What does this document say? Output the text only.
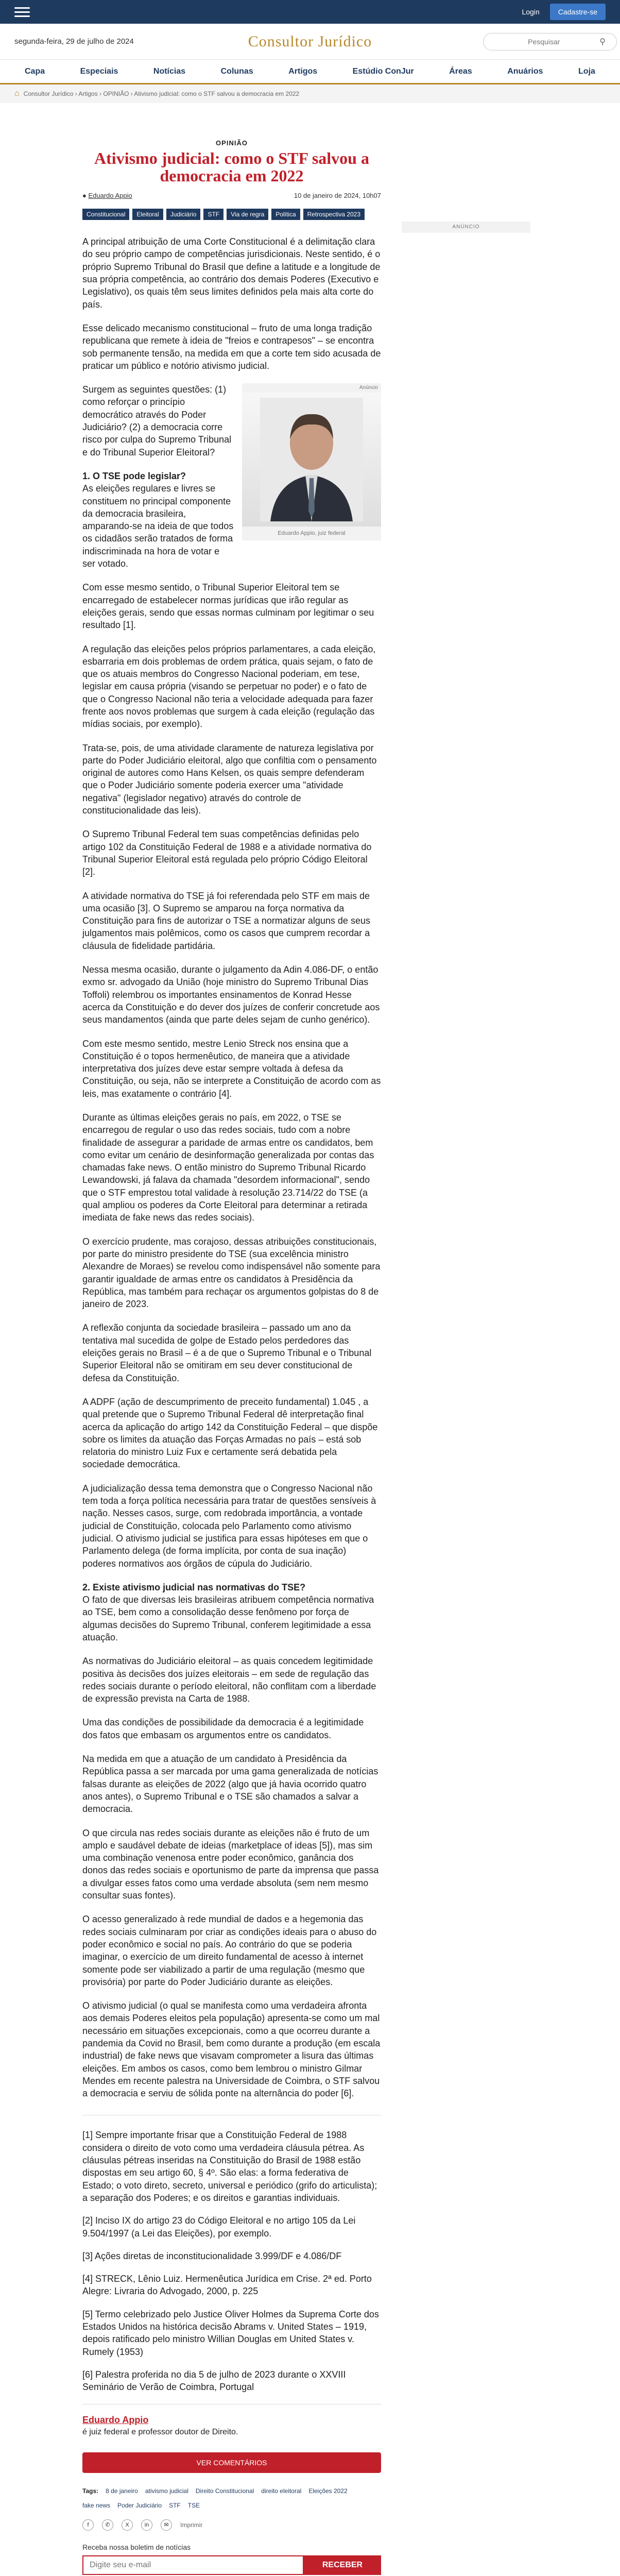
Login	Cadastre-se
segunda-feira, 29 de julho de 2024	Consultor Jurídico
Pesquisar	⚲
Capa	Especiais	Notícias	Colunas	Artigos	Estúdio ConJur	Áreas	Anuários	Loja
⌂ Consultor Jurídico › Artigos › OPINIÃO › Ativismo judicial: como o STF salvou a democracia em 2022
OPINIÃO
Ativismo judicial: como o STF salvou a democracia em 2022
● Eduardo Appio	10 de janeiro de 2024, 10h07
Constitucional	Eleitoral	Judiciário	STF	Via de regra	Política	Retrospectiva 2023

A principal atribuição de uma Corte Constitucional é a delimitação clara do seu próprio campo de competências jurisdicionais. Neste sentido, é o próprio Supremo Tribunal do Brasil que define a latitude e a longitude de sua própria competência, ao contrário dos demais Poderes (Executivo e Legislativo), os quais têm seus limites definidos pela mais alta corte do país.

Esse delicado mecanismo constitucional – fruto de uma longa tradição republicana que remete à ideia de "freios e contrapesos" – se encontra sob permanente tensão, na medida em que a corte tem sido acusada de praticar um público e notório ativismo judicial.

Anúncio
Eduardo Appio, juiz federal

Surgem as seguintes questões: (1) como reforçar o princípio democrático através do Poder Judiciário? (2) a democracia corre risco por culpa do Supremo Tribunal e do Tribunal Superior Eleitoral?

1. O TSE pode legislar?

As eleições regulares e livres se constituem no principal componente da democracia brasileira, amparando-se na ideia de que todos os cidadãos serão tratados de forma indiscriminada na hora de votar e ser votado.

Com esse mesmo sentido, o Tribunal Superior Eleitoral tem se encarregado de estabelecer normas jurídicas que irão regular as eleições gerais, sendo que essas normas culminam por legitimar o seu resultado [1].

A regulação das eleições pelos próprios parlamentares, a cada eleição, esbarraria em dois problemas de ordem prática, quais sejam, o fato de que os atuais membros do Congresso Nacional poderiam, em tese, legislar em causa própria (visando se perpetuar no poder) e o fato de que o Congresso Nacional não teria a velocidade adequada para fazer frente aos novos problemas que surgem à cada eleição (regulação das mídias sociais, por exemplo).

Trata-se, pois, de uma atividade claramente de natureza legislativa por parte do Poder Judiciário eleitoral, algo que confiltia com o pensamento original de autores como Hans Kelsen, os quais sempre defenderam que o Poder Judiciário somente poderia exercer uma "atividade negativa" (legislador negativo) através do controle de constitucionalidade das leis).

O Supremo Tribunal Federal tem suas competências definidas pelo artigo 102 da Constituição Federal de 1988 e a atividade normativa do Tribunal Superior Eleitoral está regulada pelo próprio Código Eleitoral [2].

A atividade normativa do TSE já foi referendada pelo STF em mais de uma ocasião [3]. O Supremo se amparou na força normativa da Constituição para fins de autorizar o TSE a normatizar alguns de seus julgamentos mais polêmicos, como os casos que cumprem recordar a cláusula de fidelidade partidária.

Nessa mesma ocasião, durante o julgamento da Adin 4.086-DF, o então exmo sr. advogado da União (hoje ministro do Supremo Tribunal Dias Toffoli) relembrou os importantes ensinamentos de Konrad Hesse acerca da Constituição e do dever dos juízes de conferir concretude aos seus mandamentos (ainda que parte deles sejam de cunho genérico).

Com este mesmo sentido, mestre Lenio Streck nos ensina que a Constituição é o topos hermenêutico, de maneira que a atividade interpretativa dos juízes deve estar sempre voltada à defesa da Constituição, ou seja, não se interprete a Constituição de acordo com as leis, mas exatamente o contrário [4].

Durante as últimas eleições gerais no país, em 2022, o TSE se encarregou de regular o uso das redes sociais, tudo com a nobre finalidade de assegurar a paridade de armas entre os candidatos, bem como evitar um cenário de desinformação generalizada por contas das chamadas fake news. O então ministro do Supremo Tribunal Ricardo Lewandowski, já falava da chamada "desordem informacional", sendo que o STF emprestou total validade à resolução 23.714/22 do TSE (a qual ampliou os poderes da Corte Eleitoral para determinar a retirada imediata de fake news das redes sociais).

O exercício prudente, mas corajoso, dessas atribuições constitucionais, por parte do ministro presidente do TSE (sua excelência ministro Alexandre de Moraes) se revelou como indispensável não somente para garantir igualdade de armas entre os candidatos à Presidência da República, mas também para rechaçar os argumentos golpistas do 8 de janeiro de 2023.

A reflexão conjunta da sociedade brasileira – passado um ano da tentativa mal sucedida de golpe de Estado pelos perdedores das eleições gerais no Brasil – é a de que o Supremo Tribunal e o Tribunal Superior Eleitoral não se omitiram em seu dever constitucional de defesa da Constituição.

A ADPF (ação de descumprimento de preceito fundamental) 1.045 , a qual pretende que o Supremo Tribunal Federal dê interpretação final acerca da aplicação do artigo 142 da Constituição Federal – que dispõe sobre os limites da atuação das Forças Armadas no país – está sob relatoria do ministro Luiz Fux e certamente será debatida pela sociedade democrática.

A judicialização dessa tema demonstra que o Congresso Nacional não tem toda a força política necessária para tratar de questões sensíveis à nação. Nesses casos, surge, com redobrada importância, a vontade judicial de Constituição, colocada pelo Parlamento como ativismo judicial. O ativismo judicial se justifica para essas hipóteses em que o Parlamento delega (de forma implícita, por conta de sua inação) poderes normativos aos órgãos de cúpula do Judiciário.

2. Existe ativismo judicial nas normativas do TSE?

O fato de que diversas leis brasileiras atribuem competência normativa ao TSE, bem como a consolidação desse fenômeno por força de algumas decisões do Supremo Tribunal, conferem legitimidade a essa atuação.

As normativas do Judiciário eleitoral – as quais concedem legitimidade positiva às decisões dos juízes eleitorais – em sede de regulação das redes sociais durante o período eleitoral, não conflitam com a liberdade de expressão prevista na Carta de 1988.

Uma das condições de possibilidade da democracia é a legitimidade dos fatos que embasam os argumentos entre os candidatos.

Na medida em que a atuação de um candidato à Presidência da República passa a ser marcada por uma gama generalizada de notícias falsas durante as eleições de 2022 (algo que já havia ocorrido quatro anos antes), o Supremo Tribunal e o TSE são chamados a salvar a democracia.

O que circula nas redes sociais durante as eleições não é fruto de um amplo e saudável debate de ideias (marketplace of ideas [5]), mas sim uma combinação venenosa entre poder econômico, ganância dos donos das redes sociais e oportunismo de parte da imprensa que passa a divulgar esses fatos como uma verdade absoluta (sem nem mesmo consultar suas fontes).

O acesso generalizado à rede mundial de dados e a hegemonia das redes sociais culminaram por criar as condições ideais para o abuso do poder econômico e social no país. Ao contrário do que se poderia imaginar, o exercício de um direito fundamental de acesso à internet somente pode ser viabilizado a partir de uma regulação (mesmo que provisória) por parte do Poder Judiciário durante as eleições.

O ativismo judicial (o qual se manifesta como uma verdadeira afronta aos demais Poderes eleitos pela população) apresenta-se como um mal necessário em situações excepcionais, como a que ocorreu durante a pandemia da Covid no Brasil, bem como durante a produção (em escala industrial) de fake news que visavam comprometer a lisura das últimas eleições. Em ambos os casos, como bem lembrou o ministro Gilmar Mendes em recente palestra na Universidade de Coimbra, o STF salvou a democracia e serviu de sólida ponte na alternância do poder [6].

[1] Sempre importante frisar que a Constituição Federal de 1988 considera o direito de voto como uma verdadeira cláusula pétrea. As cláusulas pétreas inseridas na Constituição do Brasil de 1988 estão dispostas em seu artigo 60, § 4º. São elas: a forma federativa de Estado; o voto direto, secreto, universal e periódico (grifo do articulista); a separação dos Poderes; e os direitos e garantias individuais.

[2] Inciso IX do artigo 23 do Código Eleitoral e no artigo 105 da Lei 9.504/1997 (a Lei das Eleições), por exemplo.

[3] Ações diretas de inconstitucionalidade 3.999/DF e 4.086/DF

[4] STRECK, Lênio Luiz. Hermenêutica Jurídica em Crise. 2ª ed. Porto Alegre: Livraria do Advogado, 2000, p. 225

[5] Termo celebrizado pelo Justice Oliver Holmes da Suprema Corte dos Estados Unidos na histórica decisão Abrams v. United States – 1919, depois ratificado pelo ministro Willian Douglas em United States v. Rumely (1953)

[6] Palestra proferida no dia 5 de julho de 2023 durante o XXVIII Seminário de Verão de Coimbra, Portugal

Eduardo Appio
é juiz federal e professor doutor de Direito.
VER COMENTÁRIOS
Tags: 8 de janeiro ativismo judicial Direito Constitucional direito eleitoral Eleições 2022
fake news Poder Judiciário STF TSE
f	✆	X	in	✉	Imprimir
Receba nossa boletim de notícias
Digite seu e-mail
RECEBER
ANÚNCIO
